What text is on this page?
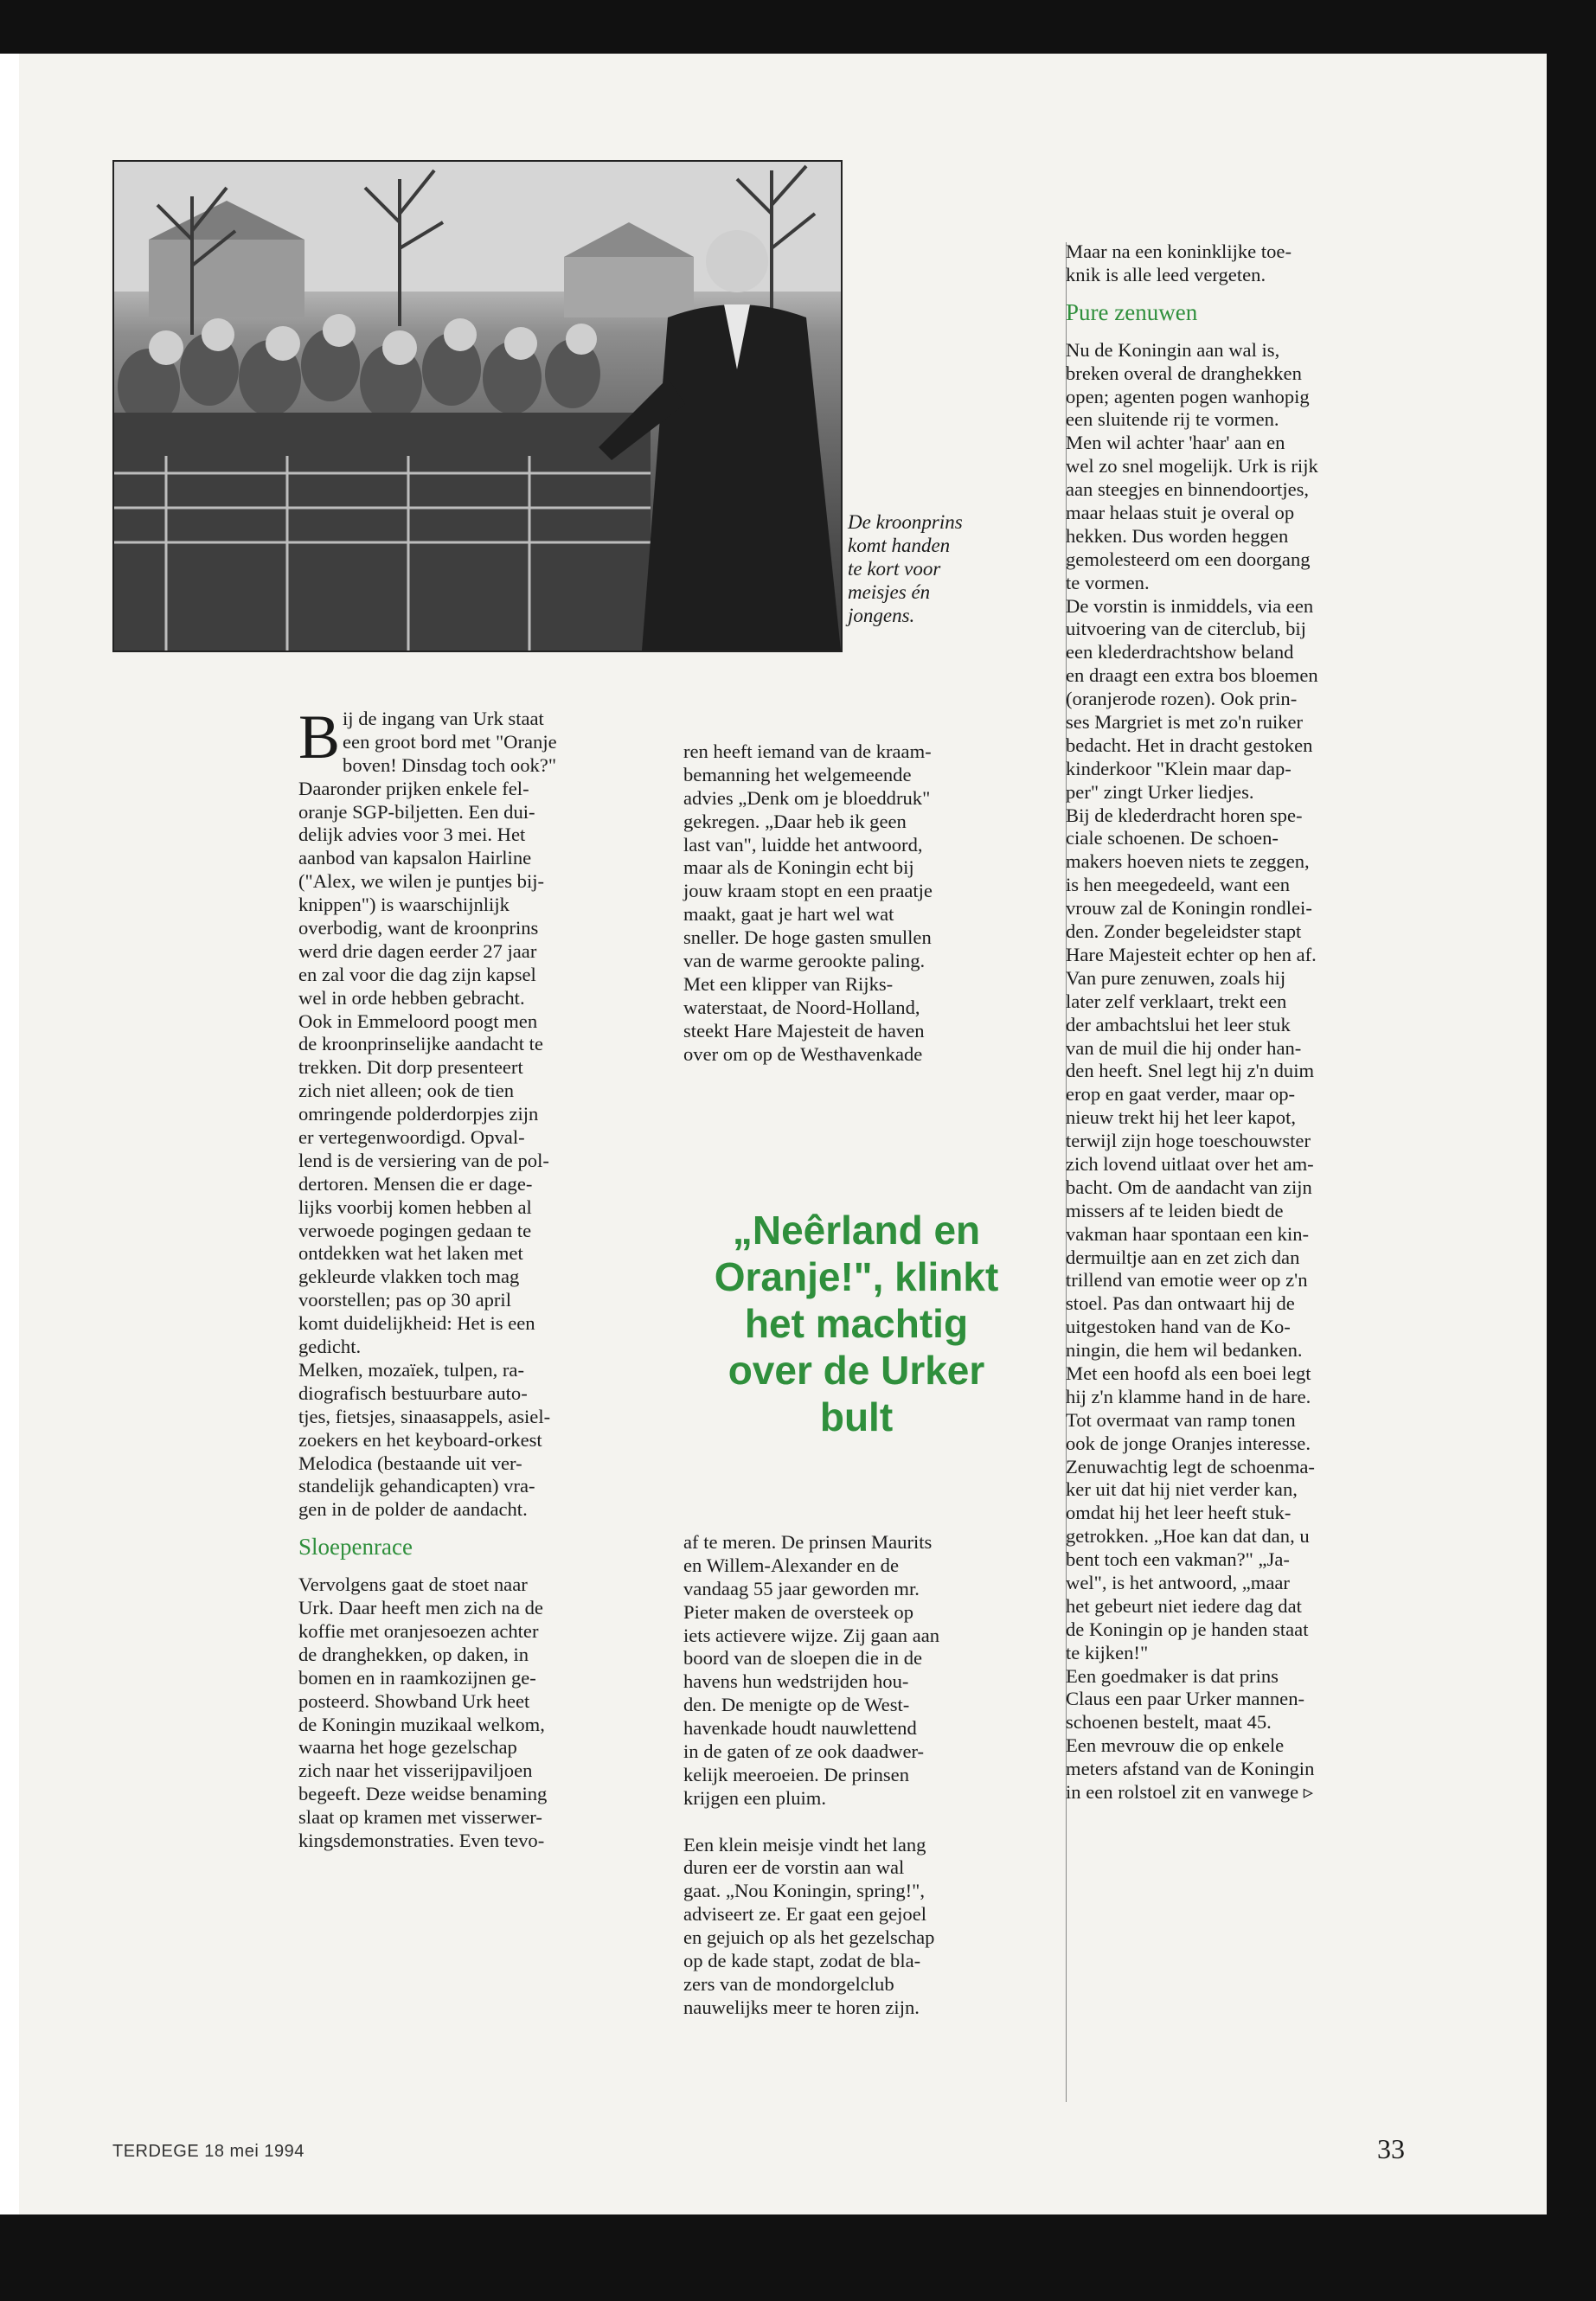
De kroonprins
komt handen
te kort voor
meisjes én
jongens.
B ij de ingang van Urk staat
een groot bord met "Oranje
boven! Dinsdag toch ook?"
Daaronder prijken enkele fel-
oranje SGP-biljetten. Een dui-
delijk advies voor 3 mei. Het
aanbod van kapsalon Hairline
("Alex, we wilen je puntjes bij-
knippen") is waarschijnlijk
overbodig, want de kroonprins
werd drie dagen eerder 27 jaar
en zal voor die dag zijn kapsel
wel in orde hebben gebracht.
Ook in Emmeloord poogt men
de kroonprinselijke aandacht te
trekken. Dit dorp presenteert
zich niet alleen; ook de tien
omringende polderdorpjes zijn
er vertegenwoordigd. Opval-
lend is de versiering van de pol-
dertoren. Mensen die er dage-
lijks voorbij komen hebben al
verwoede pogingen gedaan te
ontdekken wat het laken met
gekleurde vlakken toch mag
voorstellen; pas op 30 april
komt duidelijkheid: Het is een
gedicht.
Melken, mozaïek, tulpen, ra-
diografisch bestuurbare auto-
tjes, fietsjes, sinaasappels, asiel-
zoekers en het keyboard-orkest
Melodica (bestaande uit ver-
standelijk gehandicapten) vra-
gen in de polder de aandacht.
Sloepenrace
Vervolgens gaat de stoet naar
Urk. Daar heeft men zich na de
koffie met oranjesoezen achter
de dranghekken, op daken, in
bomen en in raamkozijnen ge-
posteerd. Showband Urk heet
de Koningin muzikaal welkom,
waarna het hoge gezelschap
zich naar het visserijpaviljoen
begeeft. Deze weidse benaming
slaat op kramen met visserwer-
kingsdemonstraties. Even tevo-
ren heeft iemand van de kraam-
bemanning het welgemeende
advies „Denk om je bloeddruk"
gekregen. „Daar heb ik geen
last van", luidde het antwoord,
maar als de Koningin echt bij
jouw kraam stopt en een praatje
maakt, gaat je hart wel wat
sneller. De hoge gasten smullen
van de warme gerookte paling.
Met een klipper van Rijks-
waterstaat, de Noord-Holland,
steekt Hare Majesteit de haven
over om op de Westhavenkade
„Neêrland en
Oranje!", klinkt
het machtig
over de Urker
bult
af te meren. De prinsen Maurits
en Willem-Alexander en de
vandaag 55 jaar geworden mr.
Pieter maken de oversteek op
iets actievere wijze. Zij gaan aan
boord van de sloepen die in de
havens hun wedstrijden hou-
den. De menigte op de West-
havenkade houdt nauwlettend
in de gaten of ze ook daadwer-
kelijk meeroeien. De prinsen
krijgen een pluim.
Een klein meisje vindt het lang
duren eer de vorstin aan wal
gaat. „Nou Koningin, spring!",
adviseert ze. Er gaat een gejoel
en gejuich op als het gezelschap
op de kade stapt, zodat de bla-
zers van de mondorgelclub
nauwelijks meer te horen zijn.
Maar na een koninklijke toe-
knik is alle leed vergeten.
Pure zenuwen
Nu de Koningin aan wal is,
breken overal de dranghekken
open; agenten pogen wanhopig
een sluitende rij te vormen.
Men wil achter 'haar' aan en
wel zo snel mogelijk. Urk is rijk
aan steegjes en binnendoortjes,
maar helaas stuit je overal op
hekken. Dus worden heggen
gemolesteerd om een doorgang
te vormen.
De vorstin is inmiddels, via een
uitvoering van de citerclub, bij
een klederdrachtshow beland
en draagt een extra bos bloemen
(oranjerode rozen). Ook prin-
ses Margriet is met zo'n ruiker
bedacht. Het in dracht gestoken
kinderkoor "Klein maar dap-
per" zingt Urker liedjes.
Bij de klederdracht horen spe-
ciale schoenen. De schoen-
makers hoeven niets te zeggen,
is hen meegedeeld, want een
vrouw zal de Koningin rondlei-
den. Zonder begeleidster stapt
Hare Majesteit echter op hen af.
Van pure zenuwen, zoals hij
later zelf verklaart, trekt een
der ambachtslui het leer stuk
van de muil die hij onder han-
den heeft. Snel legt hij z'n duim
erop en gaat verder, maar op-
nieuw trekt hij het leer kapot,
terwijl zijn hoge toeschouwster
zich lovend uitlaat over het am-
bacht. Om de aandacht van zijn
missers af te leiden biedt de
vakman haar spontaan een kin-
dermuiltje aan en zet zich dan
trillend van emotie weer op z'n
stoel. Pas dan ontwaart hij de
uitgestoken hand van de Ko-
ningin, die hem wil bedanken.
Met een hoofd als een boei legt
hij z'n klamme hand in de hare.
Tot overmaat van ramp tonen
ook de jonge Oranjes interesse.
Zenuwachtig legt de schoenma-
ker uit dat hij niet verder kan,
omdat hij het leer heeft stuk-
getrokken. „Hoe kan dat dan, u
bent toch een vakman?" „Ja-
wel", is het antwoord, „maar
het gebeurt niet iedere dag dat
de Koningin op je handen staat
te kijken!"
Een goedmaker is dat prins
Claus een paar Urker mannen-
schoenen bestelt, maat 45.
Een mevrouw die op enkele
meters afstand van de Koningin
in een rolstoel zit en vanwege ▹
TERDEGE 18 mei 1994	33
